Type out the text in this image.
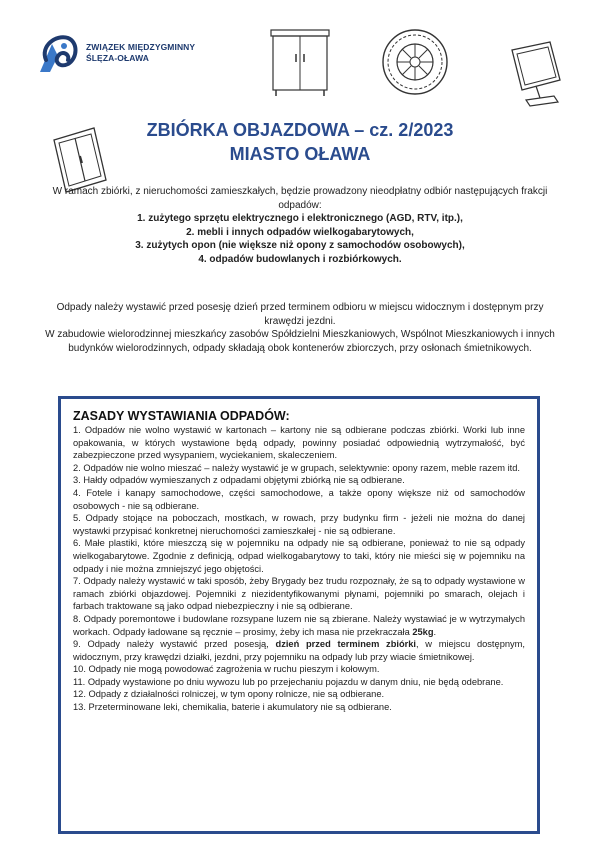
ZWIĄZEK MIĘDZYGMINNY
ŚLĘZA-OŁAWA
ZBIÓRKA OBJAZDOWA – cz. 2/2023
MIASTO OŁAWA
W ramach zbiórki, z nieruchomości zamieszkałych, będzie prowadzony nieodpłatny odbiór następujących frakcji odpadów:
1. zużytego sprzętu elektrycznego i elektronicznego (AGD, RTV, itp.),
2. mebli i innych odpadów wielkogabarytowych,
3. zużytych opon (nie większe niż opony z samochodów osobowych),
4. odpadów budowlanych i rozbiórkowych.

Odpady należy wystawić przed posesję dzień przed terminem odbioru w miejscu widocznym i dostępnym przy krawędzi jezdni.

W zabudowie wielorodzinnej mieszkańcy zasobów Spółdzielni Mieszkaniowych, Wspólnot Mieszkaniowych i innych budynków wielorodzinnych, odpady składają obok kontenerów zbiorczych, przy osłonach śmietnikowych.

ZASADY WYSTAWIANIA ODPADÓW:

1. Odpadów nie wolno wystawić w kartonach – kartony nie są odbierane podczas zbiórki. Worki lub inne opakowania, w których wystawione będą odpady, powinny posiadać odpowiednią wytrzymałość, być zabezpieczone przed wysypaniem, wyciekaniem, skaleczeniem.

2. Odpadów nie wolno mieszać – należy wystawić je w grupach, selektywnie: opony razem, meble razem itd.

3. Hałdy odpadów wymieszanych z odpadami objętymi zbiórką nie są odbierane.

4. Fotele i kanapy samochodowe, części samochodowe, a także opony większe niż od samochodów osobowych - nie są odbierane.

5. Odpady stojące na poboczach, mostkach, w rowach, przy budynku firm - jeżeli nie można do danej wystawki przypisać konkretnej nieruchomości zamieszkałej - nie są odbierane.

6. Małe plastiki, które mieszczą się w pojemniku na odpady nie są odbierane, ponieważ to nie są odpady wielkogabarytowe. Zgodnie z definicją, odpad wielkogabarytowy to taki, który nie mieści się w pojemniku na odpady i nie można zmniejszyć jego objętości.

7. Odpady należy wystawić w taki sposób, żeby Brygady bez trudu rozpoznały, że są to odpady wystawione w ramach zbiórki objazdowej. Pojemniki z niezidentyfikowanymi płynami, pojemniki po smarach, olejach i farbach traktowane są jako odpad niebezpieczny i nie są odbierane.

8. Odpady poremontowe i budowlane rozsypane luzem nie są zbierane. Należy wystawiać je w wytrzymałych workach. Odpady ładowane są ręcznie – prosimy, żeby ich masa nie przekraczała 25kg.

9. Odpady należy wystawić przed posesją, dzień przed terminem zbiórki, w miejscu dostępnym, widocznym, przy krawędzi działki, jezdni, przy pojemniku na odpady lub przy wiacie śmietnikowej.

10. Odpady nie mogą powodować zagrożenia w ruchu pieszym i kołowym.

11. Odpady wystawione po dniu wywozu lub po przejechaniu pojazdu w danym dniu, nie będą odebrane.

12. Odpady z działalności rolniczej, w tym opony rolnicze, nie są odbierane.

13. Przeterminowane leki, chemikalia, baterie i akumulatory nie są odbierane.
